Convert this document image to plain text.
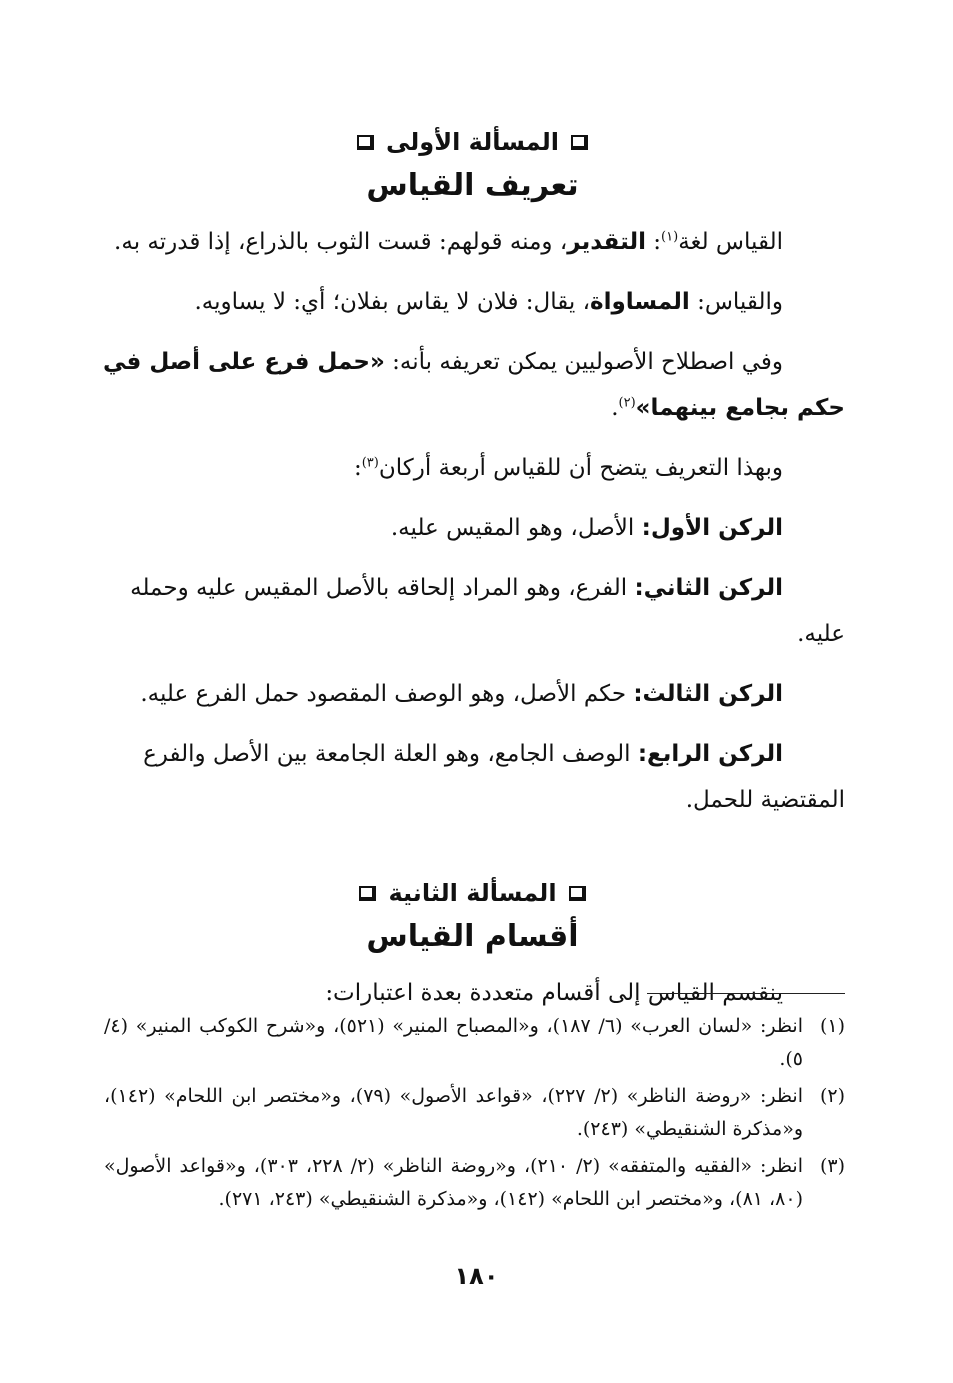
المسألة الأولى
تعريف القياس

القياس لغة$^{(١)}$: التقدير، ومنه قولهم: قست الثوب بالذراع، إذا قدرته به.

والقياس: المساواة، يقال: فلان لا يقاس بفلان؛ أي: لا يساويه.

وفي اصطلاح الأصوليين يمكن تعريفه بأنه: «حمل فرع على أصل في حكم بجامع بينهما»$^{(٢)}$.

وبهذا التعريف يتضح أن للقياس أربعة أركان$^{(٣)}$:

الركن الأول: الأصل، وهو المقيس عليه.

الركن الثاني: الفرع، وهو المراد إلحاقه بالأصل المقيس عليه وحمله عليه.

الركن الثالث: حكم الأصل، وهو الوصف المقصود حمل الفرع عليه.

الركن الرابع: الوصف الجامع، وهو العلة الجامعة بين الأصل والفرع المقتضية للحمل.

المسألة الثانية
أقسام القياس

ينقسم القياس إلى أقسام متعددة بعدة اعتبارات:

(١)
انظر: «لسان العرب» (٦/ ١٨٧)، و«المصباح المنير» (٥٢١)، و«شرح الكوكب المنير» (٤/ ٥).
(٢)
انظر: «روضة الناظر» (٢/ ٢٢٧)، «قواعد الأصول» (٧٩)، و«مختصر ابن اللحام» (١٤٢)، و«مذكرة الشنقيطي» (٢٤٣).
(٣)
انظر: «الفقيه والمتفقه» (٢/ ٢١٠)، و«روضة الناظر» (٢/ ٢٢٨، ٣٠٣)، و«قواعد الأصول» (٨٠، ٨١)، و«مختصر ابن اللحام» (١٤٢)، و«مذكرة الشنقيطي» (٢٤٣، ٢٧١).
١٨٠
